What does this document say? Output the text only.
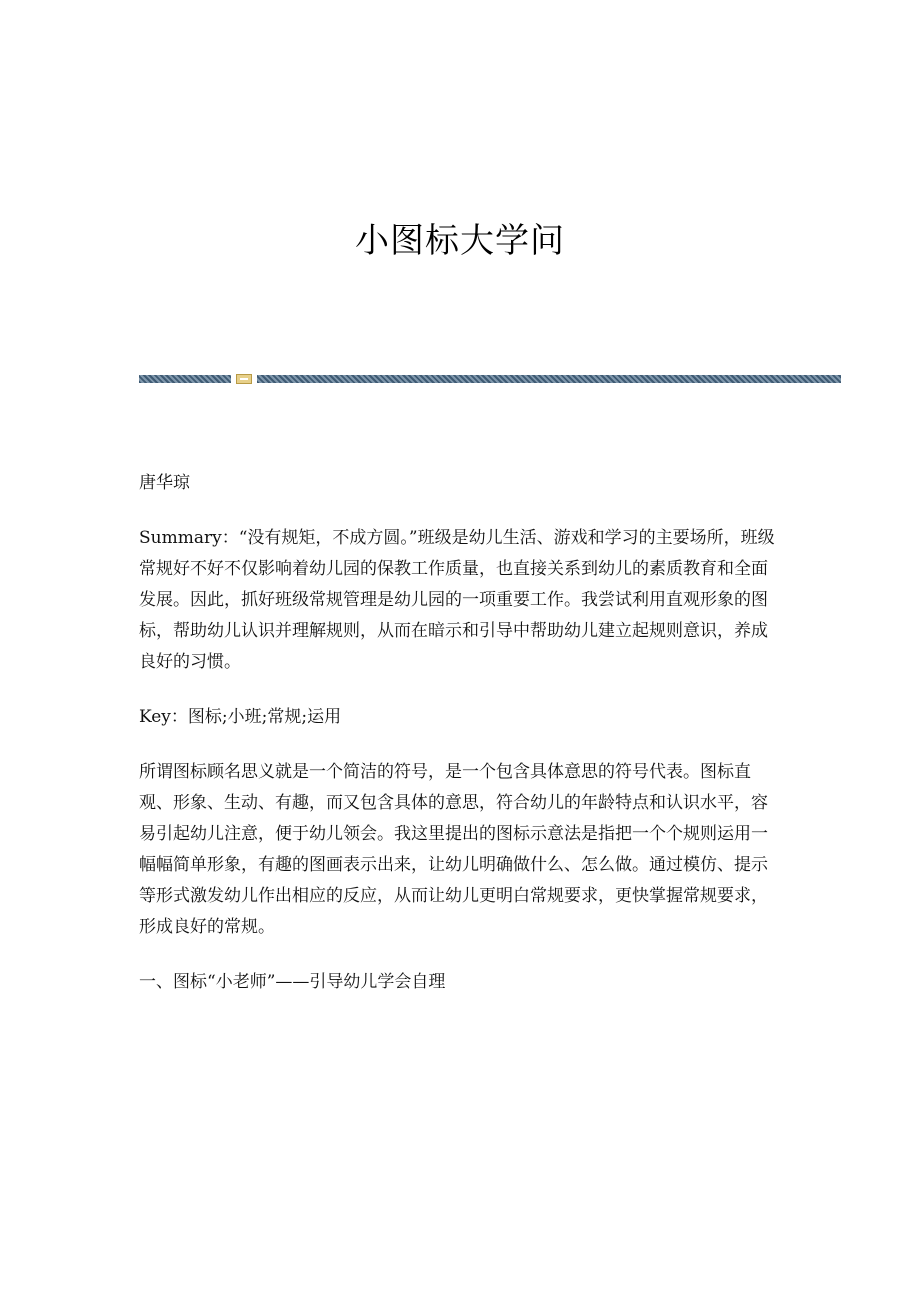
小图标大学问

唐华琼

Summary：“没有规矩，不成方圆。”班级是幼儿生活、游戏和学习的主要场所，班级常规好不好不仅影响着幼儿园的保教工作质量，也直接关系到幼儿的素质教育和全面发展。因此，抓好班级常规管理是幼儿园的一项重要工作。我尝试利用直观形象的图标，帮助幼儿认识并理解规则，从而在暗示和引导中帮助幼儿建立起规则意识，养成良好的习惯。

Key：图标;小班;常规;运用

所谓图标顾名思义就是一个简洁的符号，是一个包含具体意思的符号代表。图标直观、形象、生动、有趣，而又包含具体的意思，符合幼儿的年龄特点和认识水平，容易引起幼儿注意，便于幼儿领会。我这里提出的图标示意法是指把一个个规则运用一幅幅简单形象，有趣的图画表示出来，让幼儿明确做什么、怎么做。通过模仿、提示等形式激发幼儿作出相应的反应，从而让幼儿更明白常规要求，更快掌握常规要求，形成良好的常规。

一、图标“小老师”——引导幼儿学会自理
